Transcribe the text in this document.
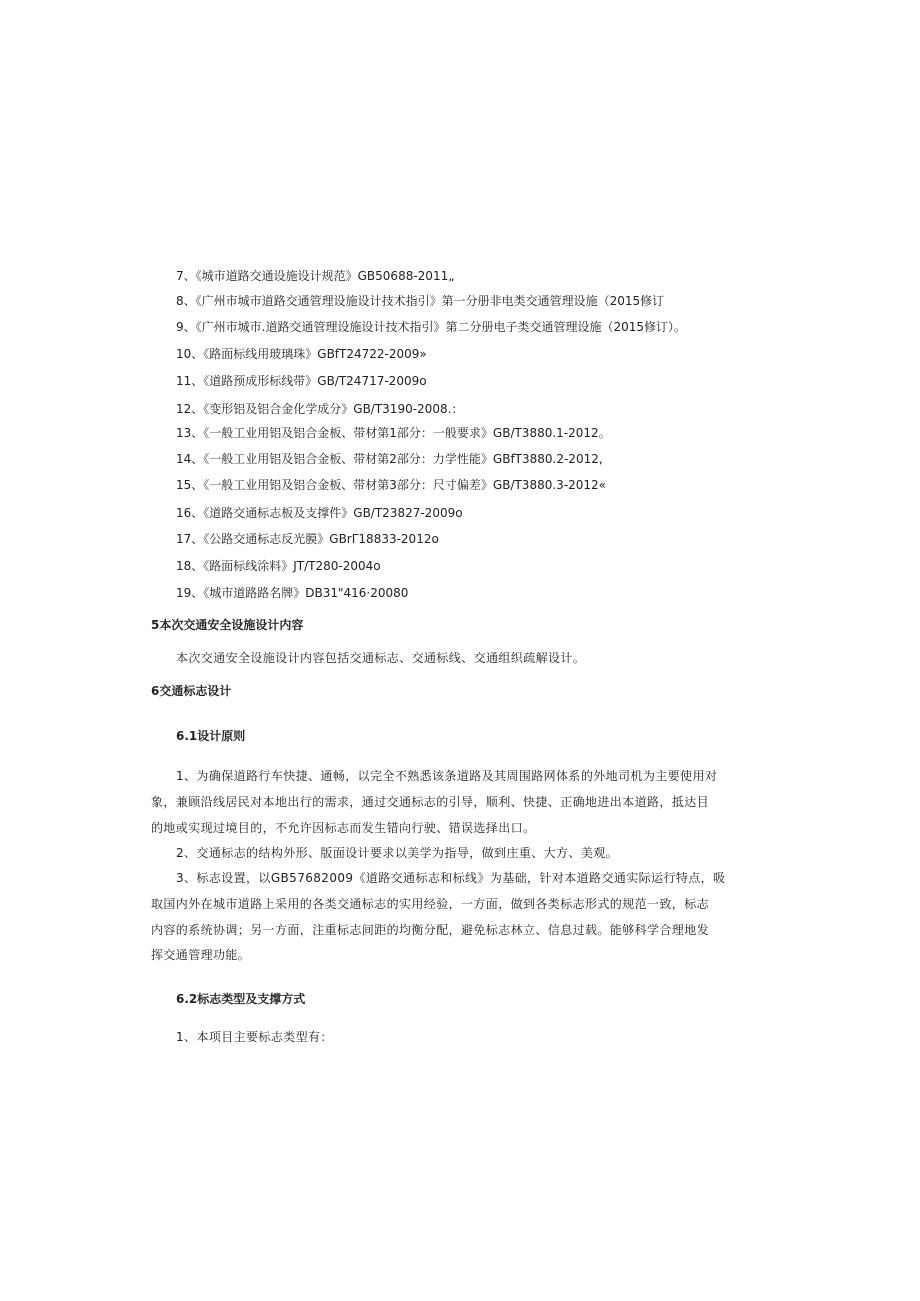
7、《城市道路交通设施设计规范》GB50688-2011„
8、《广州市城市道路交通管理设施设计技术指引》第一分册非电类交通管理设施（2015修订
9、《广州市城市.道路交通管理设施设计技术指引》第二分册电子类交通管理设施（2015修订）。
10、《路面标线用玻璃珠》GBfT24722-2009»
11、《道路预成形标线带》GB/T24717-2009o
12、《变形铝及铝合金化学成分》GB/T3190-2008.：
13、《一般工业用铝及铝合金板、带材第1部分：一般要求》GB/T3880.1-2012。
14、《一般工业用铝及铝合金板、带材第2部分：力学性能》GBfT3880.2-2012,
15、《一般工业用铝及铝合金板、带材第3部分：尺寸偏差》GB/T3880.3-2012«
16、《道路交通标志板及支撑件》GB/T23827-2009o
17、《公路交通标志反光膜》GBrΓ18833-2012o
18、《路面标线涂料》JT/T280-2004o
19、《城市道路路名牌》DB31"416·20080
5本次交通安全设施设计内容
本次交通安全设施设计内容包括交通标志、交通标线、交通组织疏解设计。
6交通标志设计
6.1设计原则
1、为确保道路行车快捷、通畅，以完全不熟悉该条道路及其周围路网体系的外地司机为主要使用对
象，兼顾沿线居民对本地出行的需求，通过交通标志的引导，顺利、快捷、正确地进出本道路，抵达目
的地或实现过境目的，不允许因标志而发生错向行驶、错误选择出口。
2、交通标志的结构外形、版面设计要求以美学为指导，做到庄重、大方、美观。
3、标志设置，以GB57682009《道路交通标志和标线》为基础，针对本道路交通实际运行特点，吸
取国内外在城市道路上采用的各类交通标志的实用经验，一方面，做到各类标志形式的规范一致，标志
内容的系统协调；另一方面，注重标志间距的均衡分配，避免标志林立、信息过载。能够科学合理地发
挥交通管理功能。
6.2标志类型及支撑方式
1、本项目主要标志类型有：
